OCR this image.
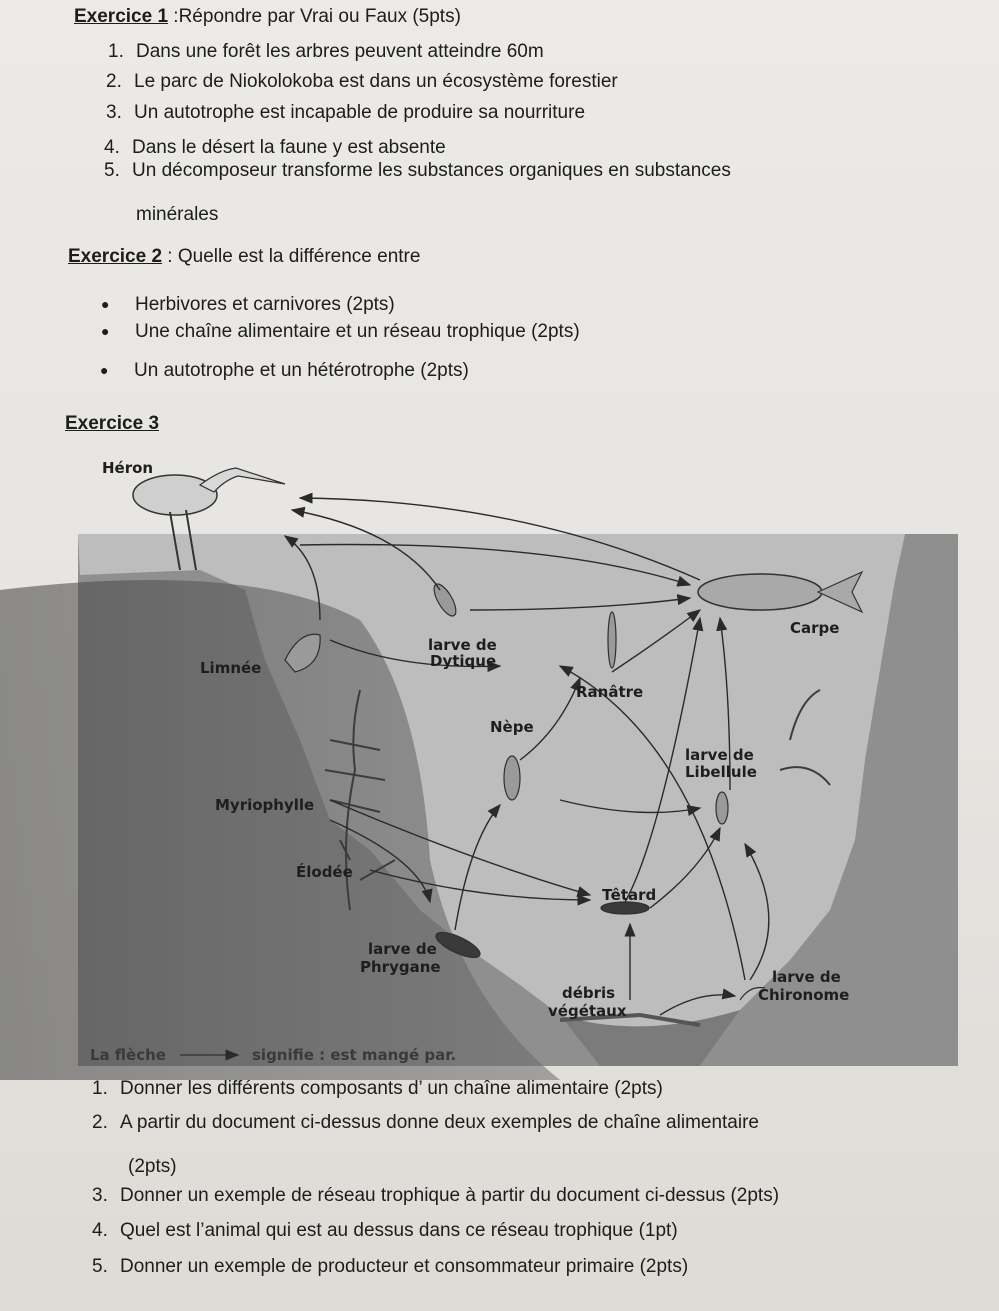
Exercice 1 :Répondre par Vrai ou Faux (5pts)
1. Dans une forêt les arbres peuvent atteindre 60m
2. Le parc de Niokolokoba est dans un écosystème forestier
3. Un autotrophe est incapable de produire sa nourriture
4. Dans le désert la faune y est absente
5. Un décomposeur transforme les substances organiques en substances
minérales
Exercice 2 : Quelle est la différence entre
● Herbivores et carnivores (2pts)
● Une chaîne alimentaire et un réseau trophique (2pts)
● Un autotrophe et un hétérotrophe (2pts)
Exercice 3
Héron
Carpe
larve de
Dytique
Limnée
Ranâtre
Nèpe
larve de
Libellule
Myriophylle
Élodée
Têtard
larve de
Phrygane
larve de
Chironome
débris
végétaux
La flèche	signifie : est mangé par.
1. Donner les différents composants d’ un chaîne alimentaire (2pts)
2. A partir du document ci-dessus donne deux exemples de chaîne alimentaire
(2pts)
3. Donner un exemple de réseau trophique à partir du document ci-dessus (2pts)
4. Quel est l’animal qui est au dessus dans ce réseau trophique (1pt)
5. Donner un exemple de producteur et consommateur primaire (2pts)
